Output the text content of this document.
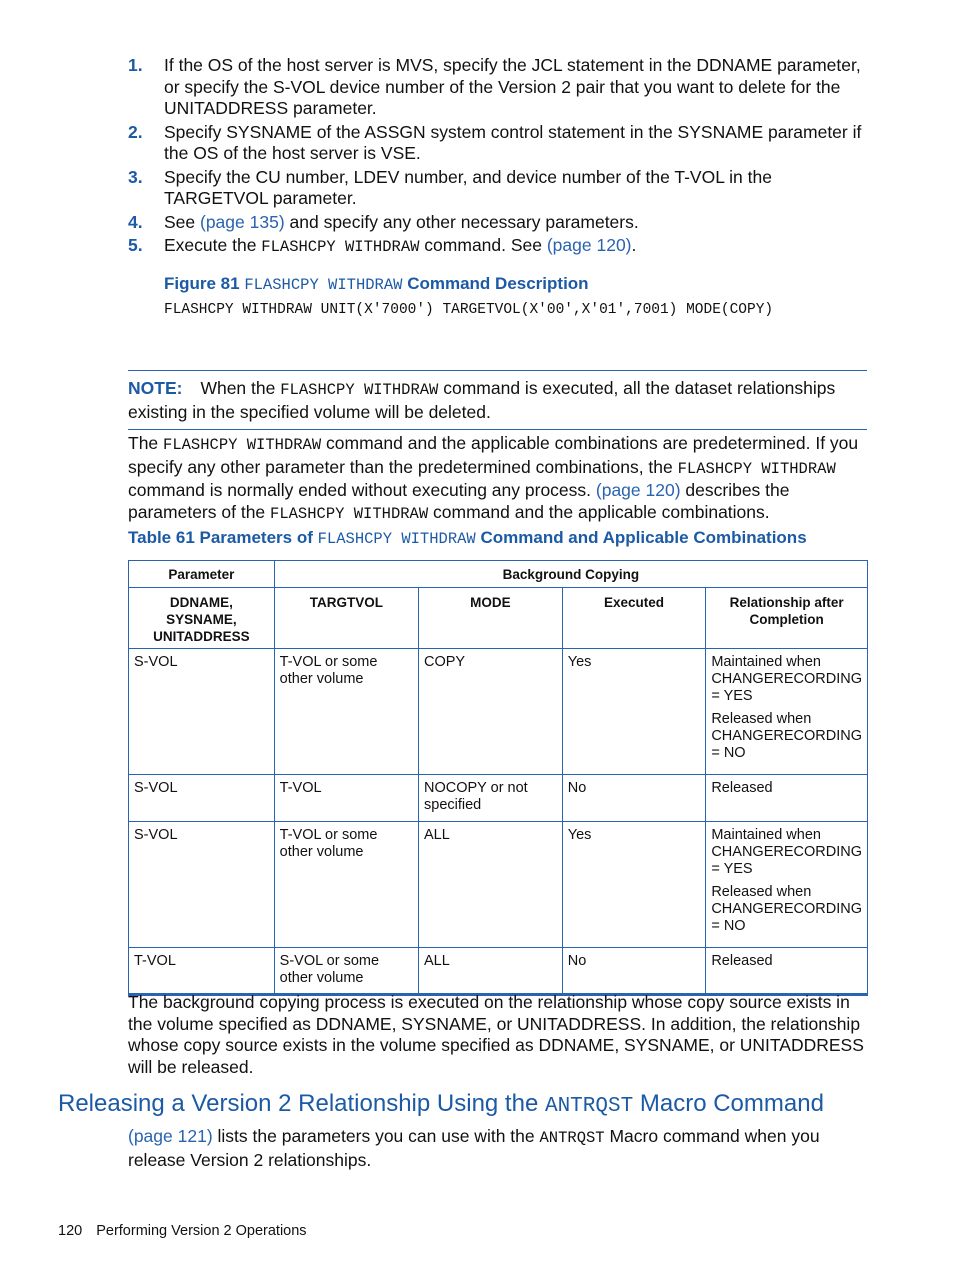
1. If the OS of the host server is MVS, specify the JCL statement in the DDNAME parameter, or specify the S-VOL device number of the Version 2 pair that you want to delete for the UNITADDRESS parameter.
2. Specify SYSNAME of the ASSGN system control statement in the SYSNAME parameter if the OS of the host server is VSE.
3. Specify the CU number, LDEV number, and device number of the T-VOL in the TARGETVOL parameter.
4. See (page 135) and specify any other necessary parameters.
5. Execute the FLASHCPY WITHDRAW command. See (page 120).
Figure 81 FLASHCPY WITHDRAW Command Description
FLASHCPY WITHDRAW UNIT(X'7000') TARGETVOL(X'00',X'01',7001) MODE(COPY)
NOTE: When the FLASHCPY WITHDRAW command is executed, all the dataset relationships existing in the specified volume will be deleted.
The FLASHCPY WITHDRAW command and the applicable combinations are predetermined. If you specify any other parameter than the predetermined combinations, the FLASHCPY WITHDRAW command is normally ended without executing any process. (page 120) describes the parameters of the FLASHCPY WITHDRAW command and the applicable combinations.
Table 61 Parameters of FLASHCPY WITHDRAW Command and Applicable Combinations
Parameter	Background Copying			
DDNAME, SYSNAME, UNITADDRESS	TARGTVOL	MODE	Executed	Relationship after Completion
S-VOL	T-VOL or some other volume	COPY	Yes	Maintained when CHANGERECORDING = YES

Released when CHANGERECORDING = NO

S-VOL	T-VOL	NOCOPY or not specified	No	Released
S-VOL	T-VOL or some other volume	ALL	Yes	Maintained when CHANGERECORDING = YES

Released when CHANGERECORDING = NO

T-VOL	S-VOL or some other volume	ALL	No	Released
The background copying process is executed on the relationship whose copy source exists in the volume specified as DDNAME, SYSNAME, or UNITADDRESS. In addition, the relationship whose copy source exists in the volume specified as DDNAME, SYSNAME, or UNITADDRESS will be released.
Releasing a Version 2 Relationship Using the ANTRQST Macro Command
(page 121) lists the parameters you can use with the ANTRQST Macro command when you release Version 2 relationships.
120 Performing Version 2 Operations
